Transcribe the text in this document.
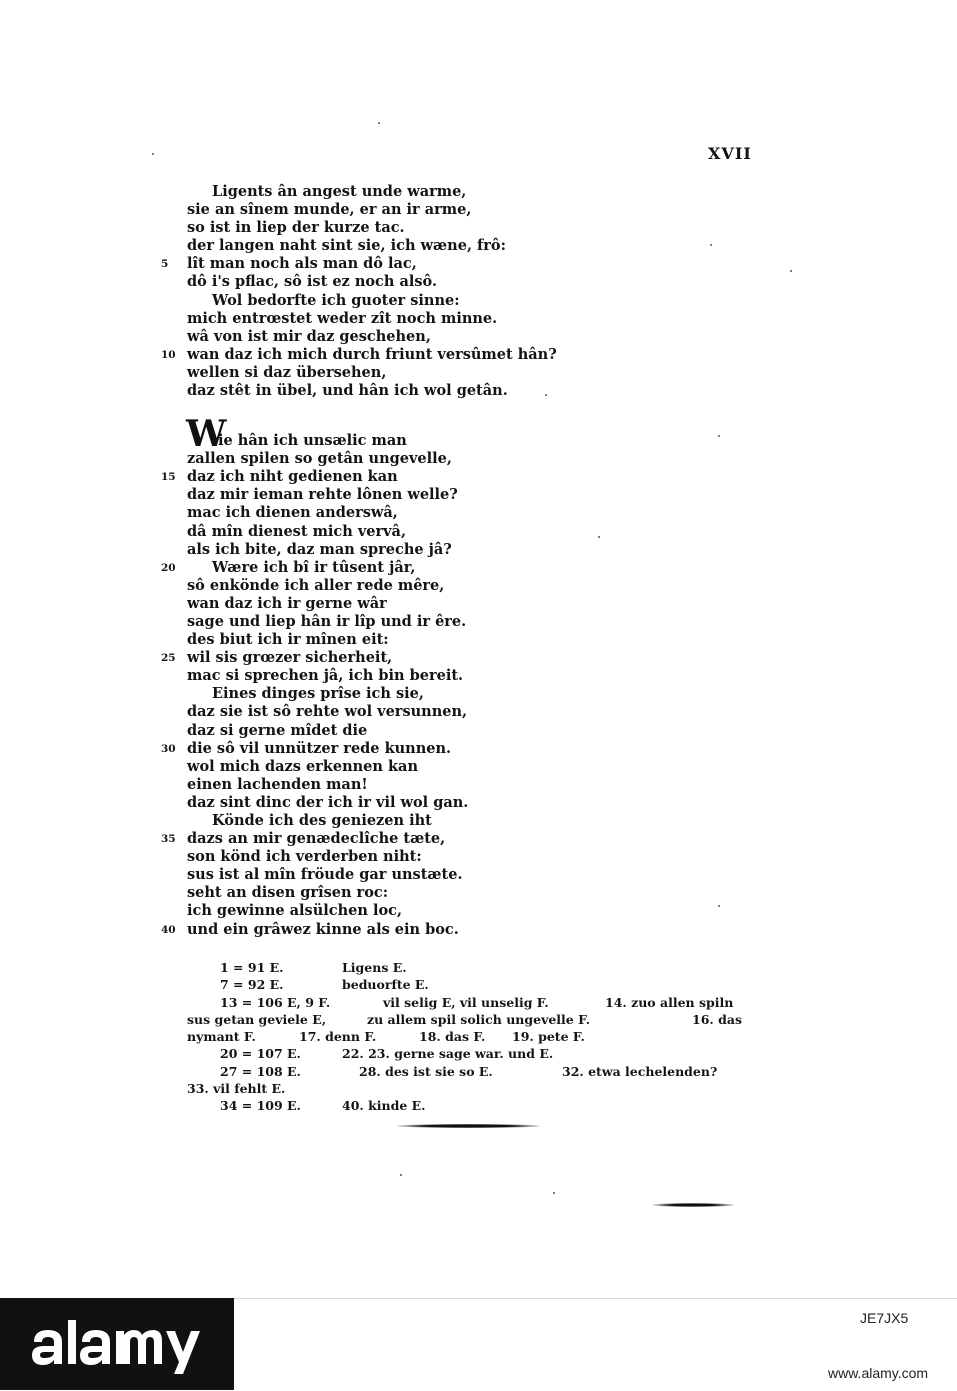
XVII
Ligents ân angest unde warme,
sie an sînem munde, er an ir arme,
so ist in liep der kurze tac.
der langen naht sint sie, ich wæne, frô:
5	lît man noch als man dô lac,
dô i's pflac, sô ist ez noch alsô.
Wol bedorfte ich guoter sinne:
mich entrœstet weder zît noch minne.
wâ von ist mir daz geschehen,
10 wan daz ich mich durch friunt versûmet hân?
wellen si daz übersehen,
daz stêt in übel, und hân ich wol getân.
W
ie hân ich unsælic man
zallen spilen so getân ungevelle,
15 daz ich niht gedienen kan
daz mir ieman rehte lônen welle?
mac ich dienen anderswâ,
dâ mîn dienest mich vervâ,
als ich bite, daz man spreche jâ?
20	Wære ich bî ir tûsent jâr,
sô enkönde ich aller rede mêre,
wan daz ich ir gerne wâr
sage und liep hân ir lîp und ir êre.
des biut ich ir mînen eit:
25 wil sis grœzer sicherheit,
mac si sprechen jâ, ich bin bereit.
Eines dinges prîse ich sie,
daz sie ist sô rehte wol versunnen,
daz si gerne mîdet die
30 die sô vil unnützer rede kunnen.
wol mich dazs erkennen kan
einen lachenden man!
daz sint dinc der ich ir vil wol gan.
Könde ich des geniezen iht
35 dazs an mir genædeclîche tæte,
son könd ich verderben niht:
sus ist al mîn fröude gar unstæte.
seht an disen grîsen roc:
ich gewinne alsülchen loc,
40 und ein grâwez kinne als ein boc.
1 = 91 E.	Ligens E.
7 = 92 E.	beduorfte E.
13 = 106 E, 9 F.	vil selig E, vil unselig F.	14. zuo allen spiln
sus getan geviele E,	zu allem spil solich ungevelle F.	16. das
nymant F.	17. denn F.	18. das F. 19. pete F.
20 = 107 E.	22. 23. gerne sage war. und E.
27 = 108 E.	28. des ist sie so E.	32. etwa lechelenden?
33. vil fehlt E.
34 = 109 E.	40. kinde E.
JE7JX5
www.alamy.com
